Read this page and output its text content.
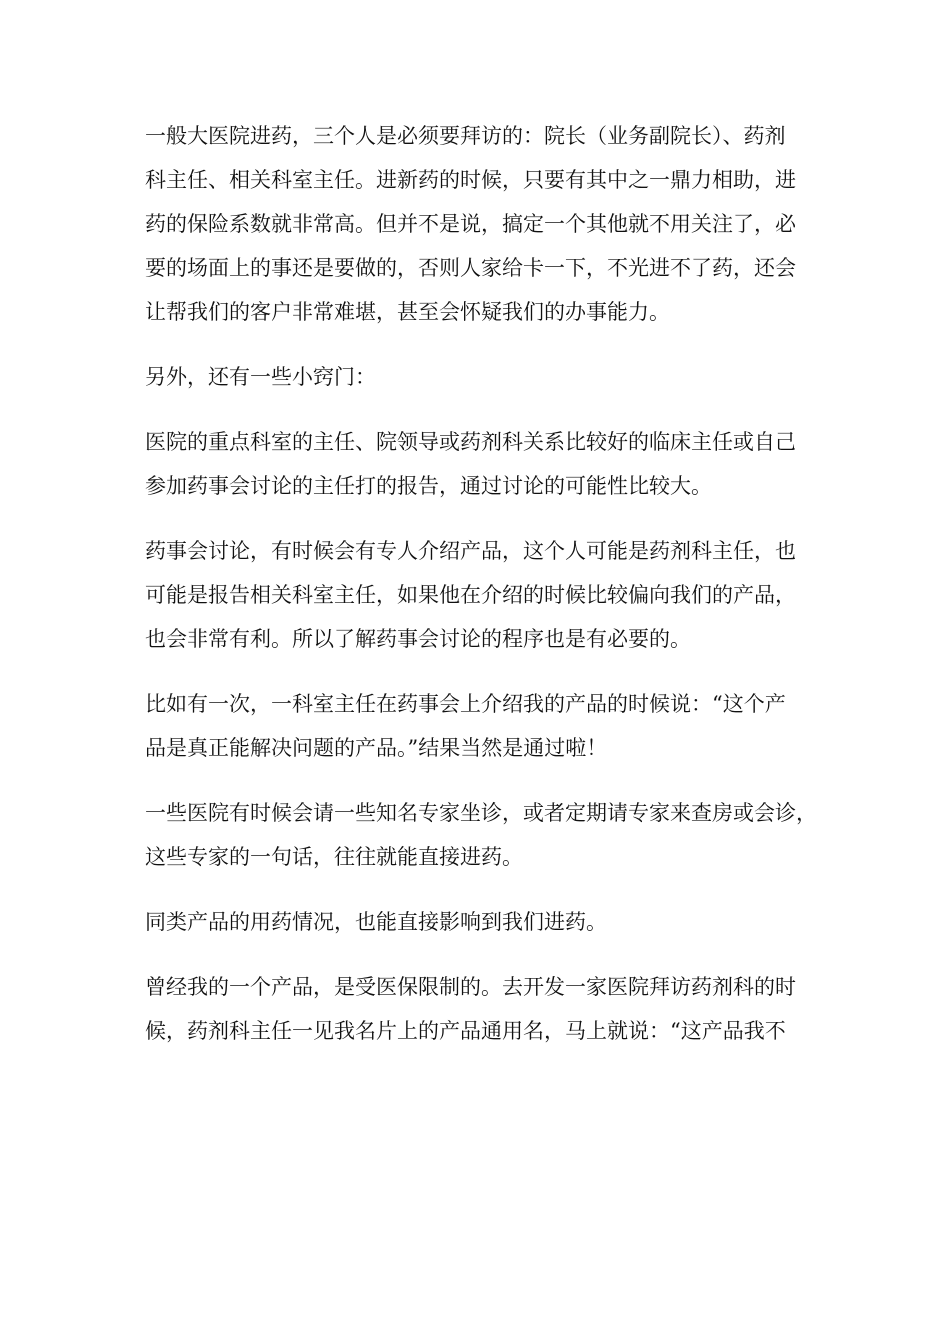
一般大医院进药，三个人是必须要拜访的：院长（业务副院长）、药剂
科主任、相关科室主任。进新药的时候，只要有其中之一鼎力相助，进
药的保险系数就非常高。但并不是说，搞定一个其他就不用关注了，必
要的场面上的事还是要做的，否则人家给卡一下，不光进不了药，还会
让帮我们的客户非常难堪，甚至会怀疑我们的办事能力。

另外，还有一些小窍门：

医院的重点科室的主任、院领导或药剂科关系比较好的临床主任或自己
参加药事会讨论的主任打的报告，通过讨论的可能性比较大。

药事会讨论，有时候会有专人介绍产品，这个人可能是药剂科主任，也
可能是报告相关科室主任，如果他在介绍的时候比较偏向我们的产品，
也会非常有利。所以了解药事会讨论的程序也是有必要的。

比如有一次，一科室主任在药事会上介绍我的产品的时候说：“这个产
品是真正能解决问题的产品。”结果当然是通过啦！

一些医院有时候会请一些知名专家坐诊，或者定期请专家来查房或会诊，
这些专家的一句话，往往就能直接进药。

同类产品的用药情况，也能直接影响到我们进药。

曾经我的一个产品，是受医保限制的。去开发一家医院拜访药剂科的时
候，药剂科主任一见我名片上的产品通用名，马上就说：“这产品我不
